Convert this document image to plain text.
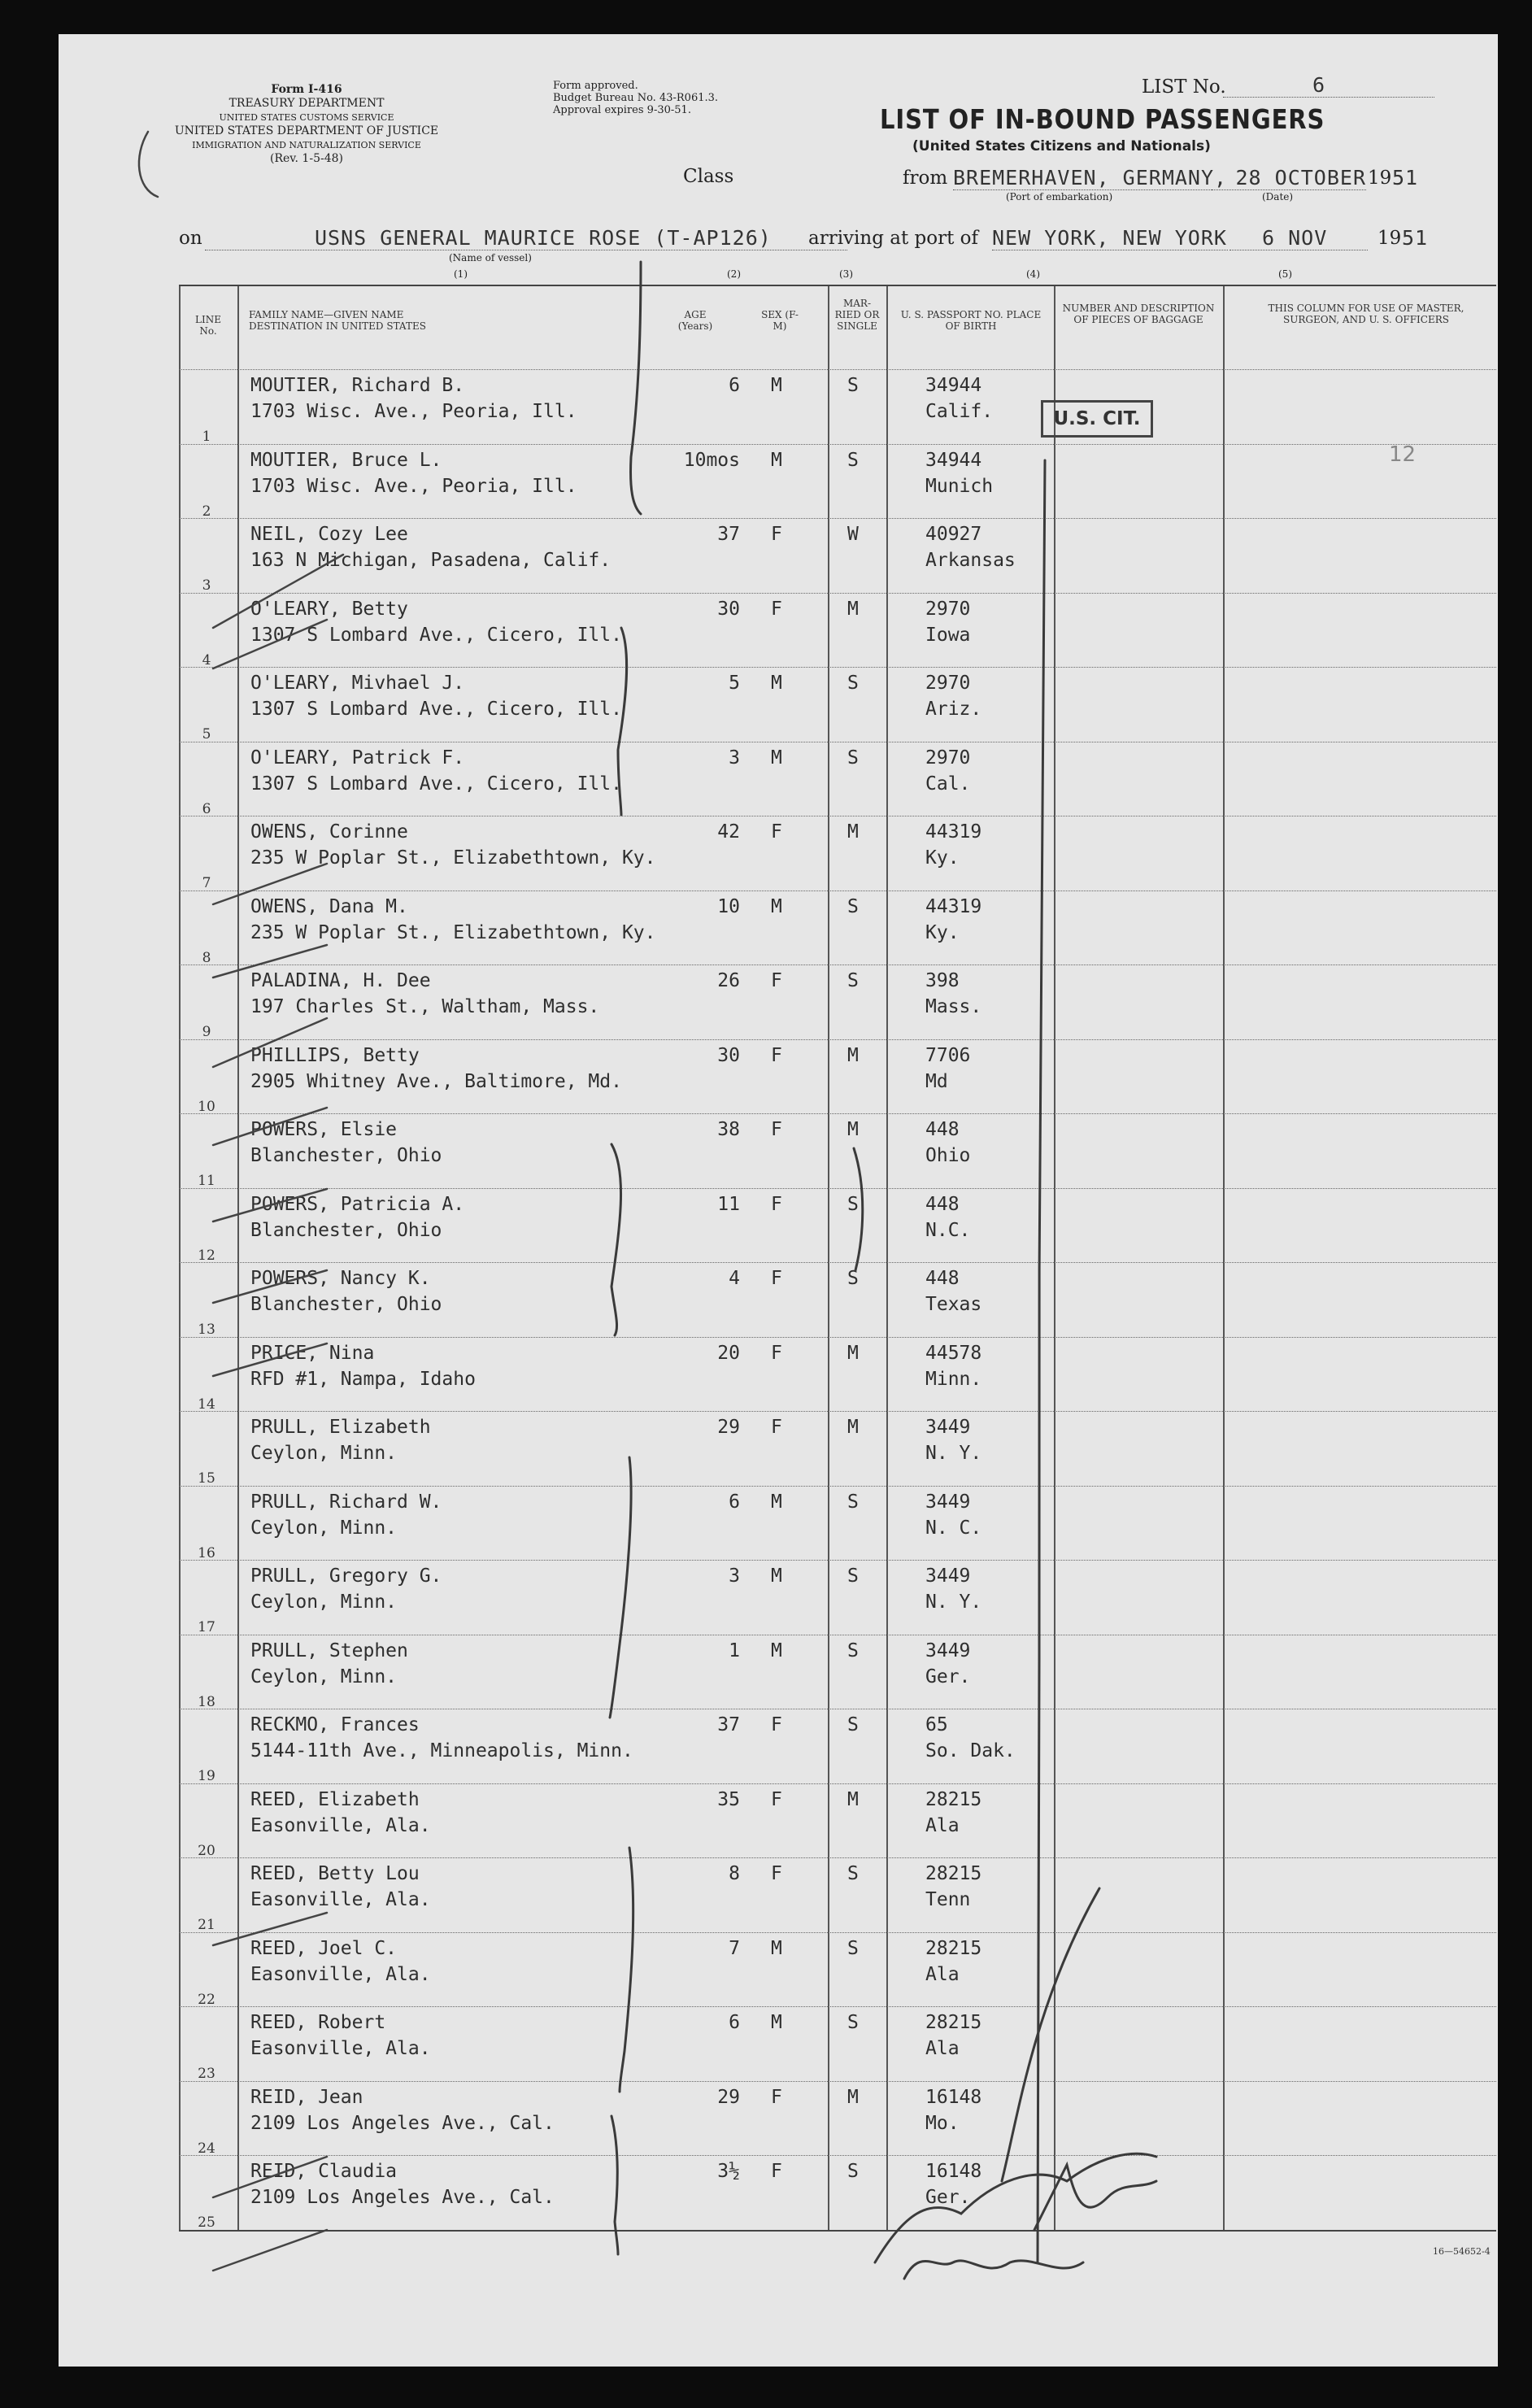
Form I-416
TREASURY DEPARTMENT
UNITED STATES CUSTOMS SERVICE
UNITED STATES DEPARTMENT OF JUSTICE
IMMIGRATION AND NATURALIZATION SERVICE
(Rev. 1-5-48)
Form approved.
Budget Bureau No. 43-R061.3.
Approval expires 9-30-51.
LIST No.	6
LIST OF IN-BOUND PASSENGERS
(United States Citizens and Nationals)
Class	from BREMERHAVEN, GERMANY,
(Port of embarkation)
28 OCTOBER
(Date)
19 51
on	USNS GENERAL MAURICE ROSE (T-AP126)
(Name of vessel)
arriving at port of NEW YORK, NEW YORK	6 NOV	19 51
(1)	(2)	(3)	(4)	(5)
LINE No.
FAMILY NAME—GIVEN NAME DESTINATION IN UNITED STATES
AGE (Years)
SEX (F-M)
MAR- RIED OR SINGLE
U. S. PASSPORT NO. PLACE OF BIRTH
NUMBER AND DESCRIPTION OF PIECES OF BAGGAGE
THIS COLUMN FOR USE OF MASTER, SURGEON, AND U. S. OFFICERS
1
MOUTIER, Richard B.
1703 Wisc. Ave., Peoria, Ill.
6 M	S	34944
Calif.
2
MOUTIER, Bruce L.
1703 Wisc. Ave., Peoria, Ill.
10mos M	S	34944
Munich
3
NEIL, Cozy Lee
163 N Michigan, Pasadena, Calif.
37 F	W	40927
Arkansas
4
O'LEARY, Betty
1307 S Lombard Ave., Cicero, Ill.
30 F	M	2970
Iowa
5
O'LEARY, Mivhael J.
1307 S Lombard Ave., Cicero, Ill.
5 M	S	2970
Ariz.
6
O'LEARY, Patrick F.
1307 S Lombard Ave., Cicero, Ill.
3 M	S	2970
Cal.
7
OWENS, Corinne
235 W Poplar St., Elizabethtown, Ky.
42 F	M	44319
Ky.
8
OWENS, Dana M.
235 W Poplar St., Elizabethtown, Ky.
10 M	S	44319
Ky.
9
PALADINA, H. Dee
197 Charles St., Waltham, Mass.
26 F	S	398
Mass.
10
PHILLIPS, Betty
2905 Whitney Ave., Baltimore, Md.
30 F	M	7706
Md
11
POWERS, Elsie
Blanchester, Ohio
38 F	M	448
Ohio
12
POWERS, Patricia A.
Blanchester, Ohio
11 F	S	448
N.C.
13
POWERS, Nancy K.
Blanchester, Ohio
4 F	S	448
Texas
14
PRICE, Nina
RFD #1, Nampa, Idaho
20 F	M	44578
Minn.
15
PRULL, Elizabeth
Ceylon, Minn.
29 F	M	3449
N. Y.
16
PRULL, Richard W.
Ceylon, Minn.
6 M	S	3449
N. C.
17
PRULL, Gregory G.
Ceylon, Minn.
3 M	S	3449
N. Y.
18
PRULL, Stephen
Ceylon, Minn.
1 M	S	3449
Ger.
19
RECKMO, Frances
5144-11th Ave., Minneapolis, Minn.
37 F	S	65
So. Dak.
20
REED, Elizabeth
Easonville, Ala.
35 F	M	28215
Ala
21
REED, Betty Lou
Easonville, Ala.
8 F	S	28215
Tenn
22
REED, Joel C.
Easonville, Ala.
7 M	S	28215
Ala
23
REED, Robert
Easonville, Ala.
6 M	S	28215
Ala
24
REID, Jean
2109 Los Angeles Ave., Cal.
29 F	M	16148
Mo.
25
REID, Claudia
2109 Los Angeles Ave., Cal.
3½ F	S	16148
Ger.
U.S. CIT.
12
16—54652-4
